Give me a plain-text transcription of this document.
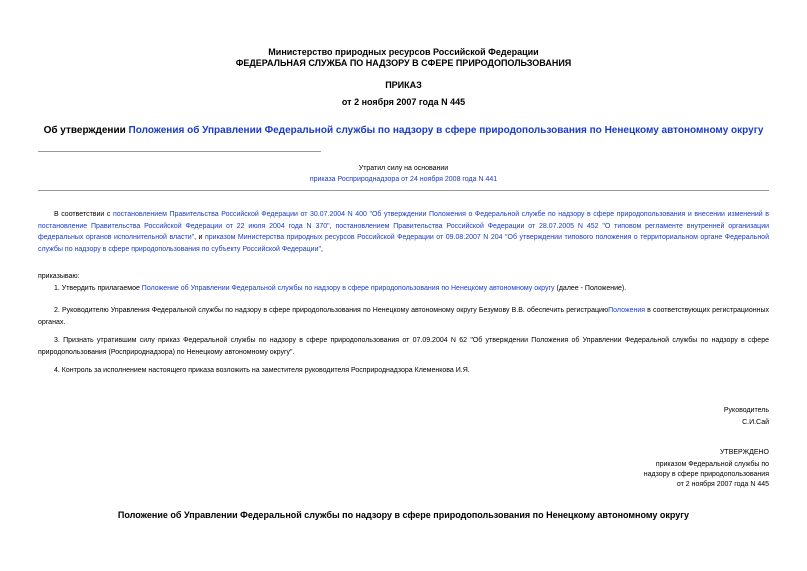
Министерство природных ресурсов Российской Федерации
ФЕДЕРАЛЬНАЯ СЛУЖБА ПО НАДЗОРУ В СФЕРЕ ПРИРОДОПОЛЬЗОВАНИЯ
ПРИКАЗ
от 2 ноября 2007 года N 445
Об утверждении Положения об Управлении Федеральной службы по надзору в сфере природопользования по Ненецкому автономному округу
Утратил силу на основании
приказа Росприроднадзора от 24 ноября 2008 года N 441
В соответствии с постановлением Правительства Российской Федерации от 30.07.2004 N 400 "Об утверждении Положения о Федеральной службе по надзору в сфере природопользования и внесении изменений в постановление Правительства Российской Федерации от 22 июля 2004 года N 370", постановлением Правительства Российской Федерации от 28.07.2005 N 452 "О типовом регламенте внутренней организации федеральных органов исполнительной власти", и приказом Министерства природных ресурсов Российской Федерации от 09.08.2007 N 204 "Об утверждении типового положения о территориальном органе Федеральной службы по надзору в сфере природопользования по субъекту Российской Федерации",
приказываю:
1. Утвердить прилагаемое Положение об Управлении Федеральной службы по надзору в сфере природопользования по Ненецкому автономному округу (далее - Положение).
2. Руководителю Управления Федеральной службы по надзору в сфере природопользования по Ненецкому автономному округу Безумову В.В. обеспечить регистрациюПоложения в соответствующих регистрационных органах.
3. Признать утратившим силу приказ Федеральной службы по надзору в сфере природопользования от 07.09.2004 N 62 "Об утверждении Положения об Управлении Федеральной службы по надзору в сфере природопользования (Росприроднадзора) по Ненецкому автономному округу".
4. Контроль за исполнением настоящего приказа возложить на заместителя руководителя Росприроднадзора Клеменкова И.Я.
Руководитель
С.И.Сай
УТВЕРЖДЕНО
приказом Федеральной службы по
надзору в сфере природопользования
от 2 ноября 2007 года N 445
Положение об Управлении Федеральной службы по надзору в сфере природопользования по Ненецкому автономному округу
